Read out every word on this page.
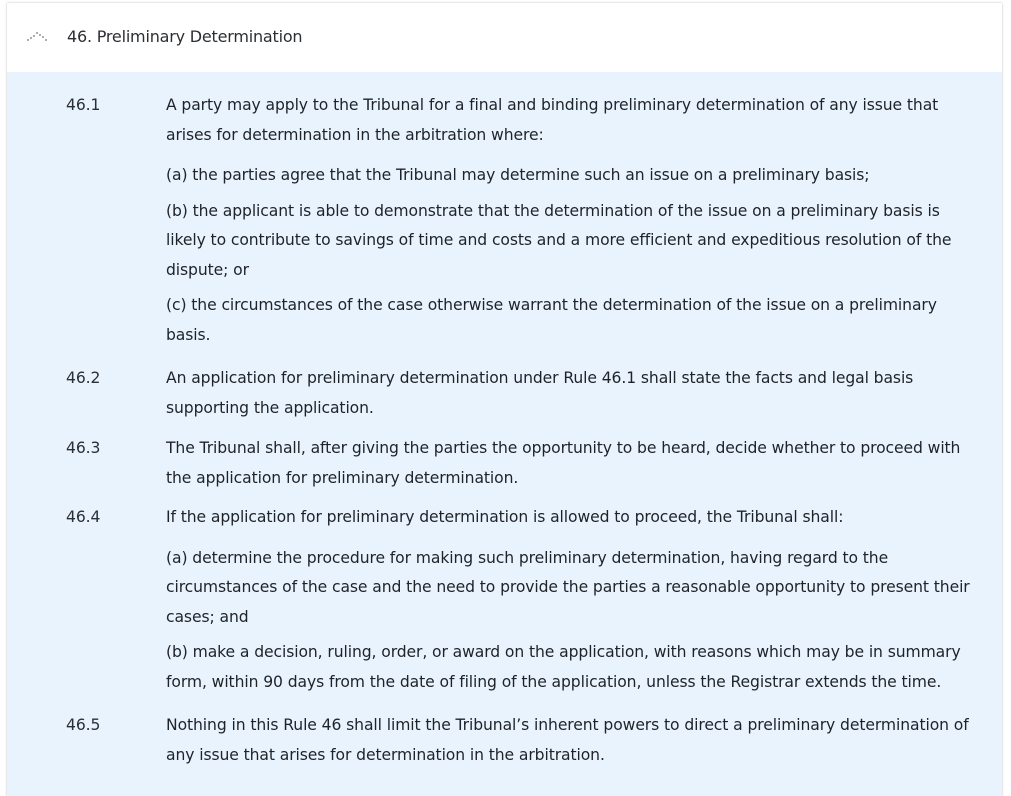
46. Preliminary Determination
46.1	A party may apply to the Tribunal for a final and binding preliminary determination of any issue that arises for determination in the arbitration where:

(a) the parties agree that the Tribunal may determine such an issue on a preliminary basis;

(b) the applicant is able to demonstrate that the determination of the issue on a preliminary basis is likely to contribute to savings of time and costs and a more efficient and expeditious resolution of the dispute; or

(c) the circumstances of the case otherwise warrant the determination of the issue on a preliminary basis.

46.2	An application for preliminary determination under Rule 46.1 shall state the facts and legal basis supporting the application.

46.3	The Tribunal shall, after giving the parties the opportunity to be heard, decide whether to proceed with the application for preliminary determination.

46.4	If the application for preliminary determination is allowed to proceed, the Tribunal shall:

(a) determine the procedure for making such preliminary determination, having regard to the circumstances of the case and the need to provide the parties a reasonable opportunity to present their cases; and

(b) make a decision, ruling, order, or award on the application, with reasons which may be in summary form, within 90 days from the date of filing of the application, unless the Registrar extends the time.

46.5	Nothing in this Rule 46 shall limit the Tribunal’s inherent powers to direct a preliminary determination of any issue that arises for determination in the arbitration.
